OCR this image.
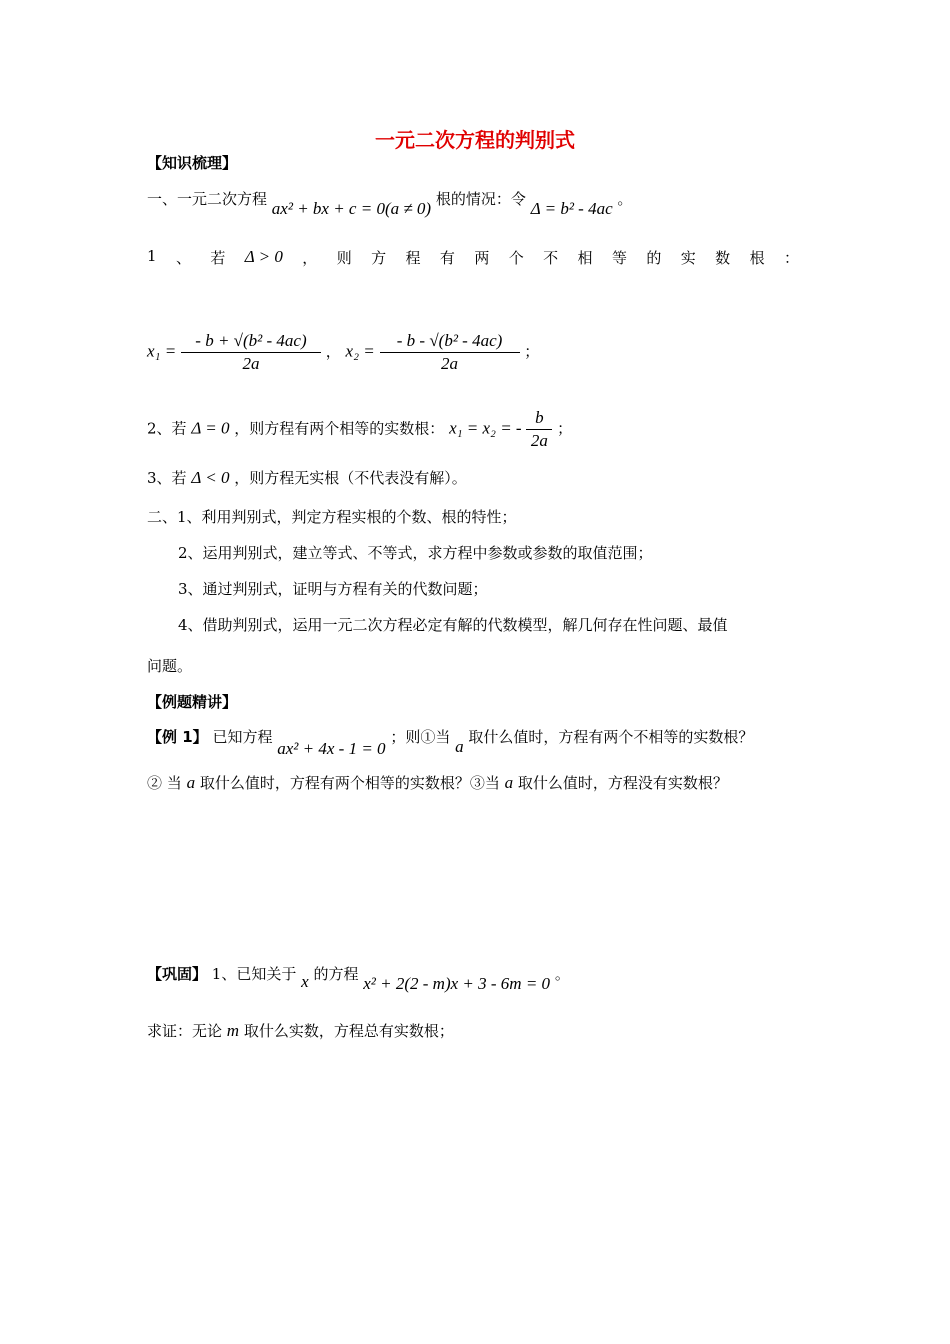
一元二次方程的判别式
【知识梳理】
一、一元二次方程 ax² + bx + c = 0(a ≠ 0) 根的情况：令 Δ = b² - 4ac 。
1 、 若 Δ > 0 ， 则 方 程 有 两 个 不 相 等 的 实 数 根 ：
$x_1 = \frac{\text{- b + √(b² - 4ac)}}{2a}$ ， $x_2 = \frac{\text{- b - √(b² - 4ac)}}{2a}$ ；
2、若 Δ = 0 ，则方程有两个相等的实数根： x₁ = x₂ = - $\frac{b}{2a}$ ；
3、若 Δ < 0 ，则方程无实根（不代表没有解）。
二、1、利用判别式，判定方程实根的个数、根的特性；
2、运用判别式，建立等式、不等式，求方程中参数或参数的取值范围；
3、通过判别式，证明与方程有关的代数问题；
4、借助判别式，运用一元二次方程必定有解的代数模型，解几何存在性问题、最值
问题。
【例题精讲】
【例 1】 已知方程 ax² + 4x - 1 = 0 ；则①当 a 取什么值时，方程有两个不相等的实数根？
② 当 a 取什么值时，方程有两个相等的实数根？③当 a 取什么值时，方程没有实数根？
【巩固】 1、已知关于 x 的方程 x² + 2(2 - m)x + 3 - 6m = 0 。
求证：无论 m 取什么实数，方程总有实数根；
